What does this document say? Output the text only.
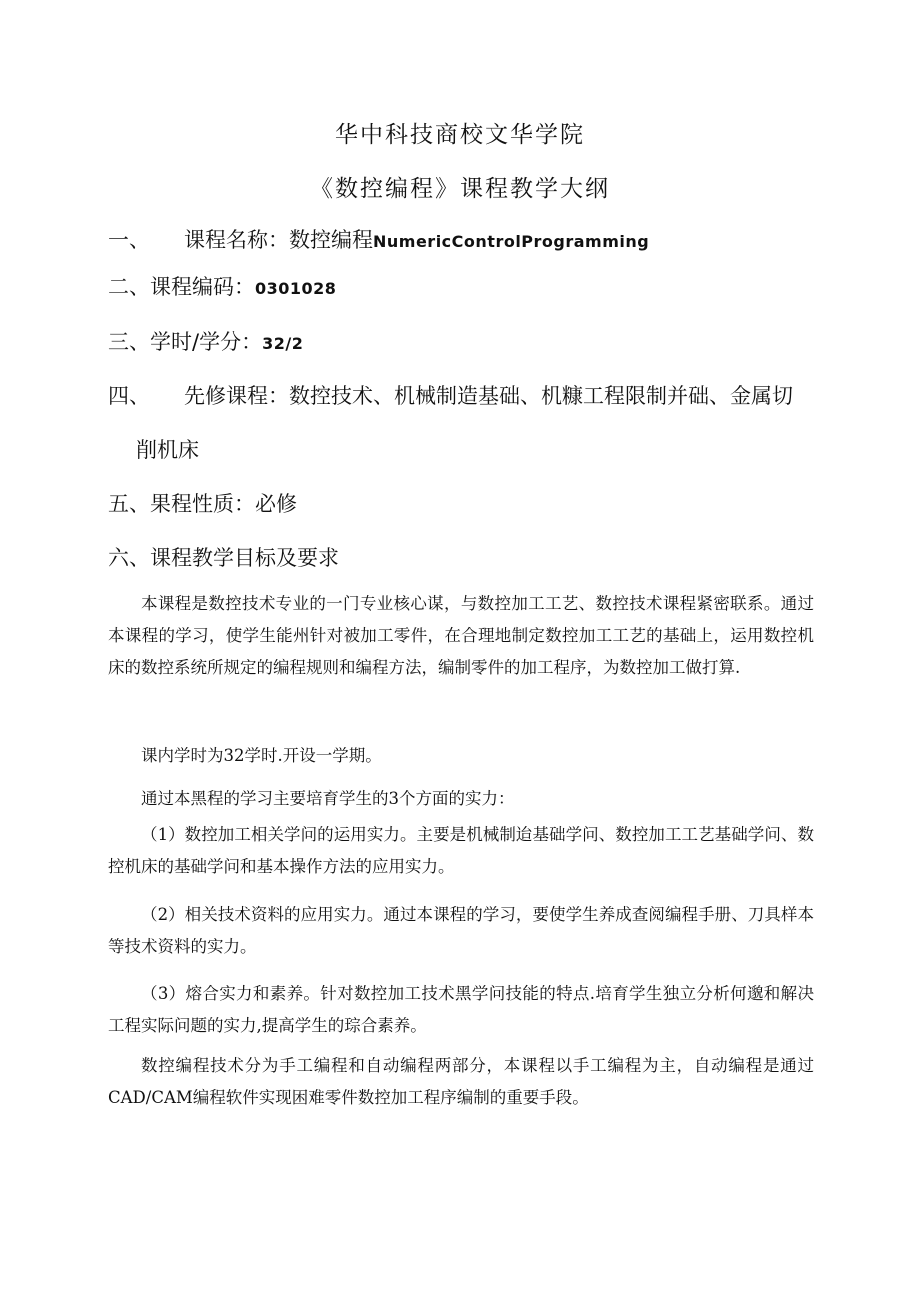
华中科技商校文华学院
《数控编程》课程教学大纲
一、 课程名称：数控编程NumericControlProgramming
二、课程编码：0301028
三、学时/学分：32/2
四、 先修课程：数控技术、机械制造基础、机糠工程限制并础、金属切
削机床
五、果程性质：必修
六、课程教学目标及要求

本课程是数控技术专业的一门专业核心谋，与数控加工工艺、数控技术课程紧密联系。通过本课程的学习，使学生能州针对被加工零件，在合理地制定数控加工工艺的基础上，运用数控机床的数控系统所规定的编程规则和编程方法，编制零件的加工程序，为数控加工做打算.

课内学时为32学时.开设一学期。

通过本黑程的学习主要培育学生的3个方面的实力：

（1）数控加工相关学问的运用实力。主要是机械制迨基础学问、数控加工工艺基础学问、数控机床的基础学问和基本操作方法的应用实力。

（2）相关技术资料的应用实力。通过本课程的学习，要使学生养成查阅编程手册、刀具样本等技术资料的实力。

（3）熔合实力和素养。针对数控加工技术黑学问技能的特点.培育学生独立分析何邈和解决工程实际问题的实力,提高学生的琮合素养。

数控编程技术分为手工编程和自动编程两部分，本课程以手工编程为主，自动编程是通过CAD/CAM编程软件实现困难零件数控加工程序编制的重要手段。
